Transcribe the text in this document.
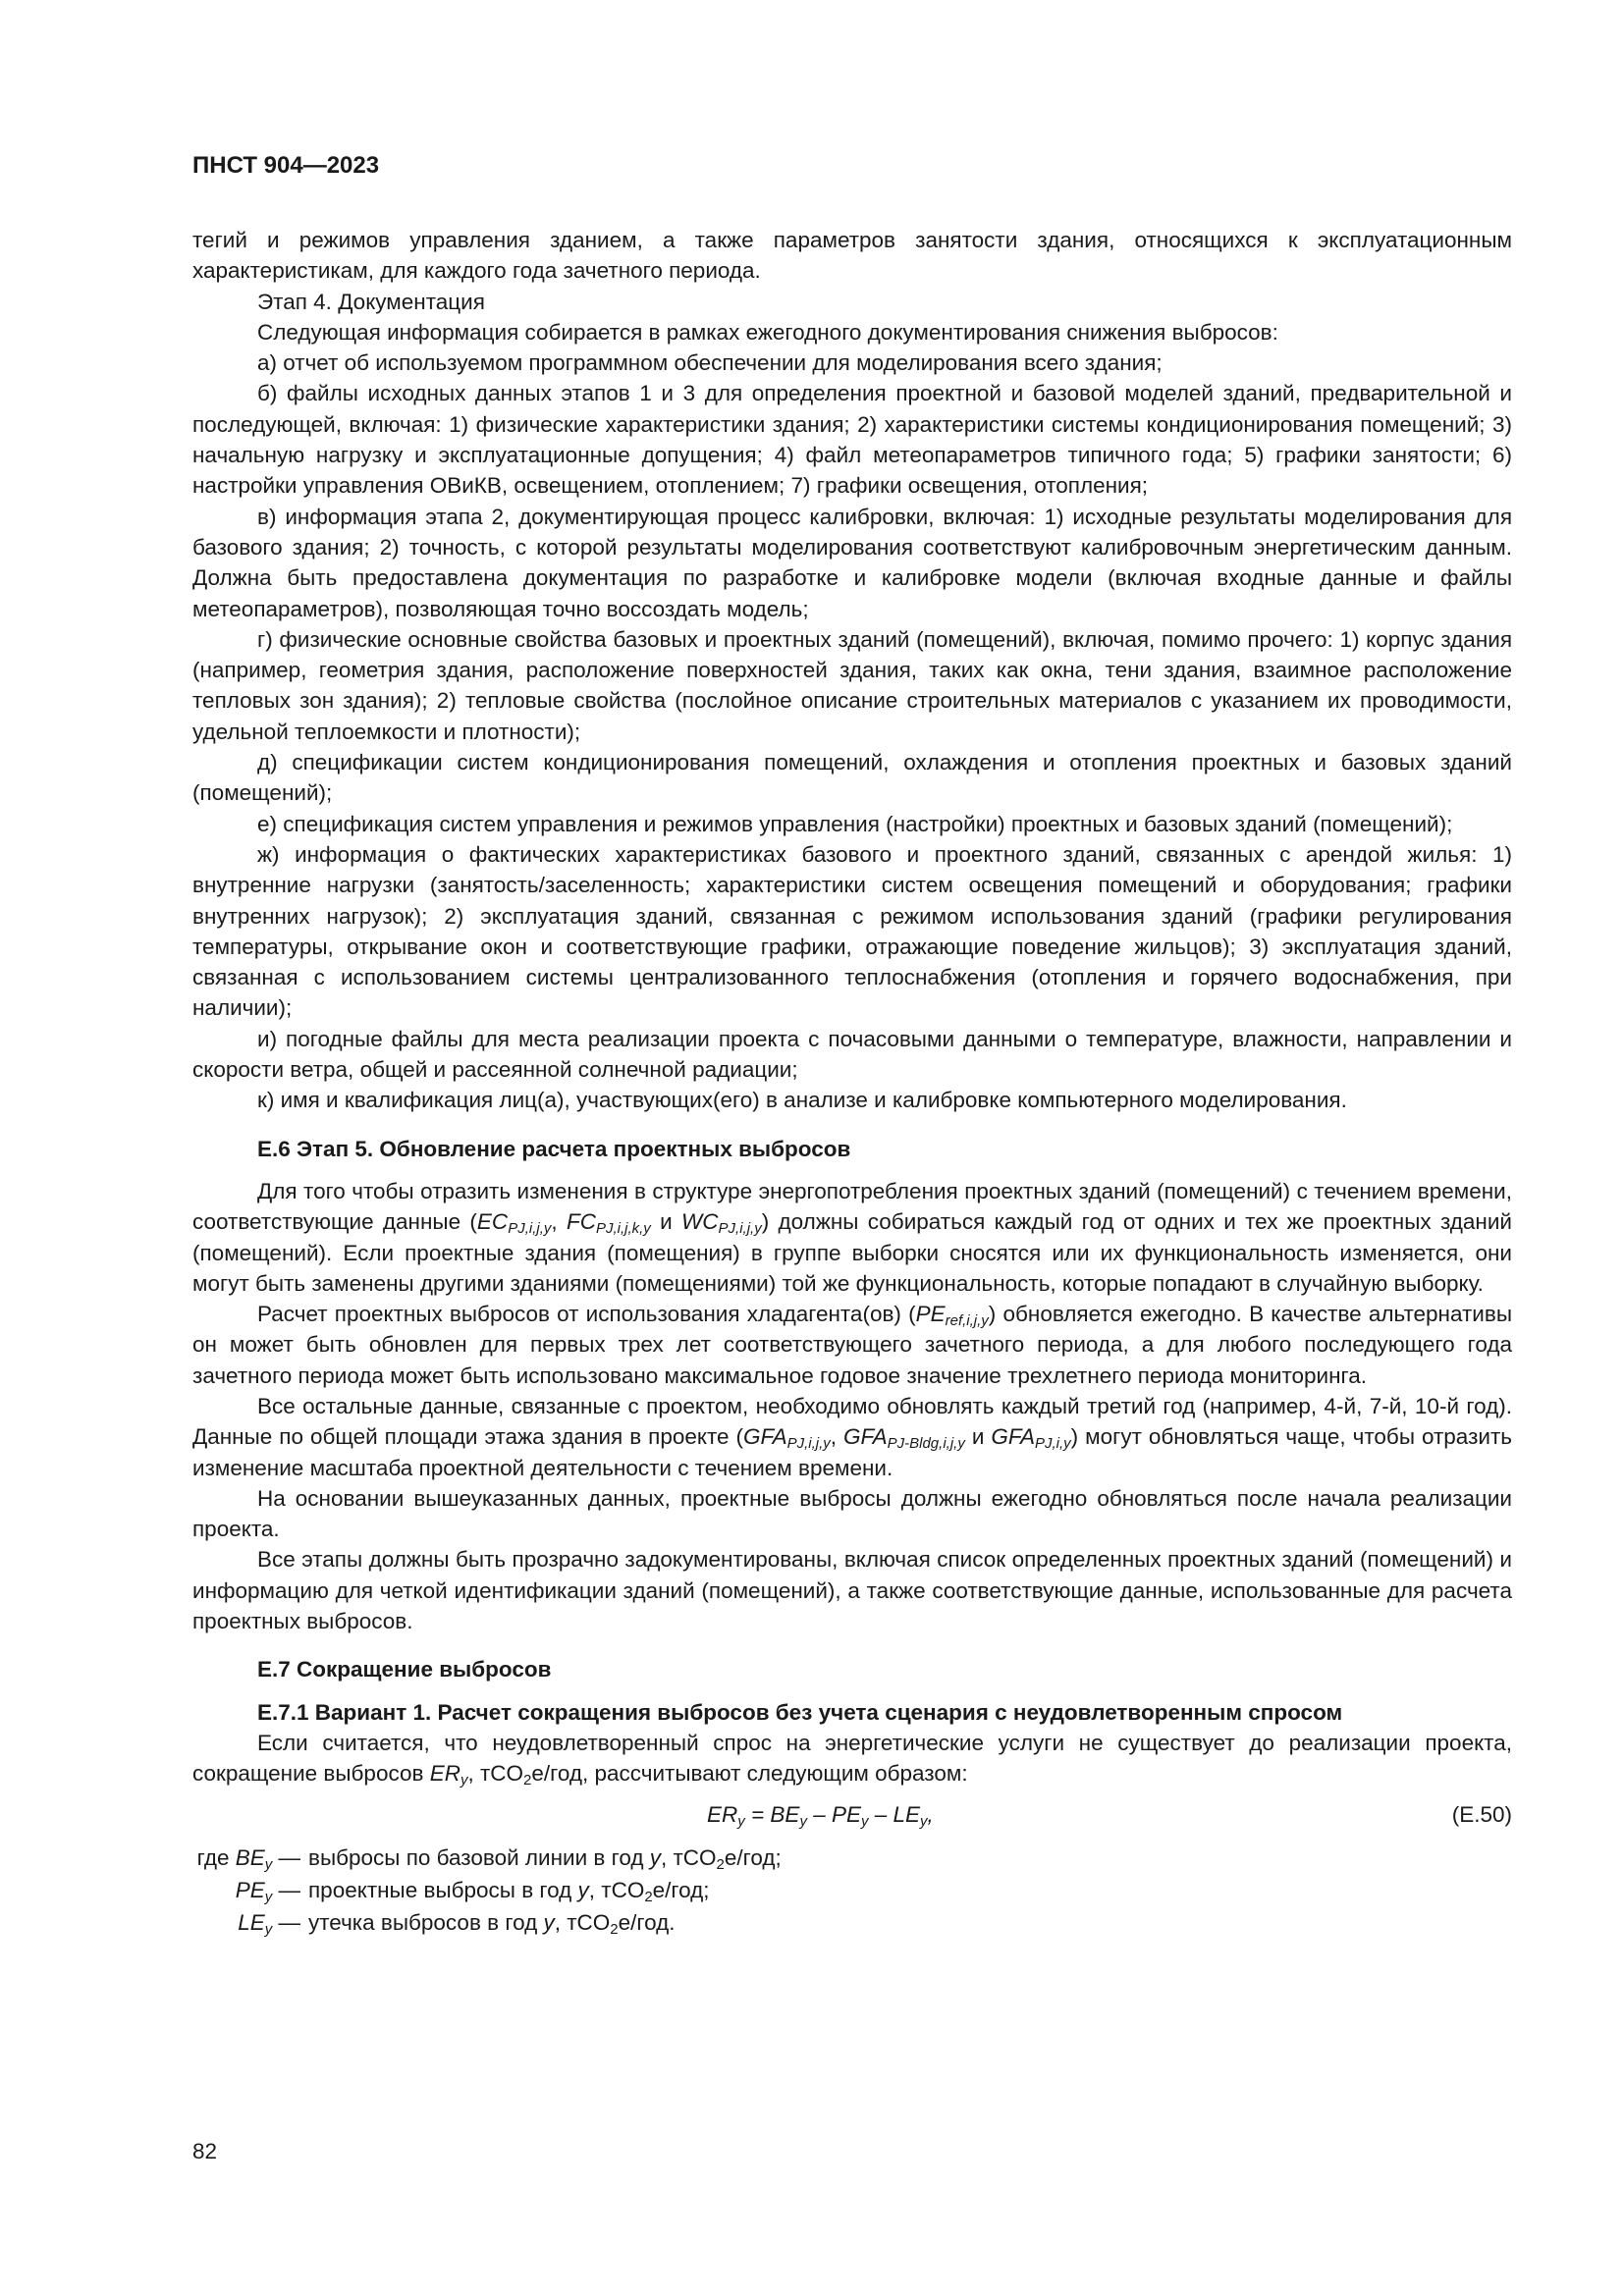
ПНСТ 904—2023

тегий и режимов управления зданием, а также параметров занятости здания, относящихся к эксплуатационным характеристикам, для каждого года зачетного периода.

Этап 4. Документация

Следующая информация собирается в рамках ежегодного документирования снижения выбросов:

а) отчет об используемом программном обеспечении для моделирования всего здания;

б) файлы исходных данных этапов 1 и 3 для определения проектной и базовой моделей зданий, предварительной и последующей, включая: 1) физические характеристики здания; 2) характеристики системы кондиционирования помещений; 3) начальную нагрузку и эксплуатационные допущения; 4) файл метеопараметров типичного года; 5) графики занятости; 6) настройки управления ОВиКВ, освещением, отоплением; 7) графики освещения, отопления;

в) информация этапа 2, документирующая процесс калибровки, включая: 1) исходные результаты моделирования для базового здания; 2) точность, с которой результаты моделирования соответствуют калибровочным энергетическим данным. Должна быть предоставлена документация по разработке и калибровке модели (включая входные данные и файлы метеопараметров), позволяющая точно воссоздать модель;

г) физические основные свойства базовых и проектных зданий (помещений), включая, помимо прочего: 1) корпус здания (например, геометрия здания, расположение поверхностей здания, таких как окна, тени здания, взаимное расположение тепловых зон здания); 2) тепловые свойства (послойное описание строительных материалов с указанием их проводимости, удельной теплоемкости и плотности);

д) спецификации систем кондиционирования помещений, охлаждения и отопления проектных и базовых зданий (помещений);

е) спецификация систем управления и режимов управления (настройки) проектных и базовых зданий (помещений);

ж) информация о фактических характеристиках базового и проектного зданий, связанных с арендой жилья: 1) внутренние нагрузки (занятость/заселенность; характеристики систем освещения помещений и оборудования; графики внутренних нагрузок); 2) эксплуатация зданий, связанная с режимом использования зданий (графики регулирования температуры, открывание окон и соответствующие графики, отражающие поведение жильцов); 3) эксплуатация зданий, связанная с использованием системы централизованного теплоснабжения (отопления и горячего водоснабжения, при наличии);

и) погодные файлы для места реализации проекта с почасовыми данными о температуре, влажности, направлении и скорости ветра, общей и рассеянной солнечной радиации;

к) имя и квалификация лиц(а), участвующих(его) в анализе и калибровке компьютерного моделирования.

Е.6 Этап 5. Обновление расчета проектных выбросов

Для того чтобы отразить изменения в структуре энергопотребления проектных зданий (помещений) с течением времени, соответствующие данные ($EC_{PJ,i,j,y}$, $FC_{PJ,i,j,k,y}$ и $WC_{PJ,i,j,y}$) должны собираться каждый год от одних и тех же проектных зданий (помещений). Если проектные здания (помещения) в группе выборки сносятся или их функциональность изменяется, они могут быть заменены другими зданиями (помещениями) той же функциональность, которые попадают в случайную выборку.

Расчет проектных выбросов от использования хладагента(ов) $(PE_{ref,i,j,y})$ обновляется ежегодно. В качестве альтернативы он может быть обновлен для первых трех лет соответствующего зачетного периода, а для любого последующего года зачетного периода может быть использовано максимальное годовое значение трехлетнего периода мониторинга.

Все остальные данные, связанные с проектом, необходимо обновлять каждый третий год (например, 4-й, 7-й, 10-й год). Данные по общей площади этажа здания в проекте ($GFA_{PJ,i,j,y}$, $GFA_{PJ-Bldg,i,j,y}$ и $GFA_{PJ,i,y}$) могут обновляться чаще, чтобы отразить изменение масштаба проектной деятельности с течением времени.

На основании вышеуказанных данных, проектные выбросы должны ежегодно обновляться после начала реализации проекта.

Все этапы должны быть прозрачно задокументированы, включая список определенных проектных зданий (помещений) и информацию для четкой идентификации зданий (помещений), а также соответствующие данные, использованные для расчета проектных выбросов.

Е.7 Сокращение выбросов

Е.7.1 Вариант 1. Расчет сокращения выбросов без учета сценария с неудовлетворенным спросом

Если считается, что неудовлетворенный спрос на энергетические услуги не существует до реализации проекта, сокращение выбросов $ER_y$, тCO$_2$е/год, рассчитывают следующим образом:

$ER_y = BE_y - PE_y - LE_y$,	(Е.50)
где $BE_y$ — выбросы по базовой линии в год y, тCO$_2$е/год;
$PE_y$ — проектные выбросы в год y, тCO$_2$е/год;
$LE_y$ — утечка выбросов в год y, тCO$_2$е/год.
82
